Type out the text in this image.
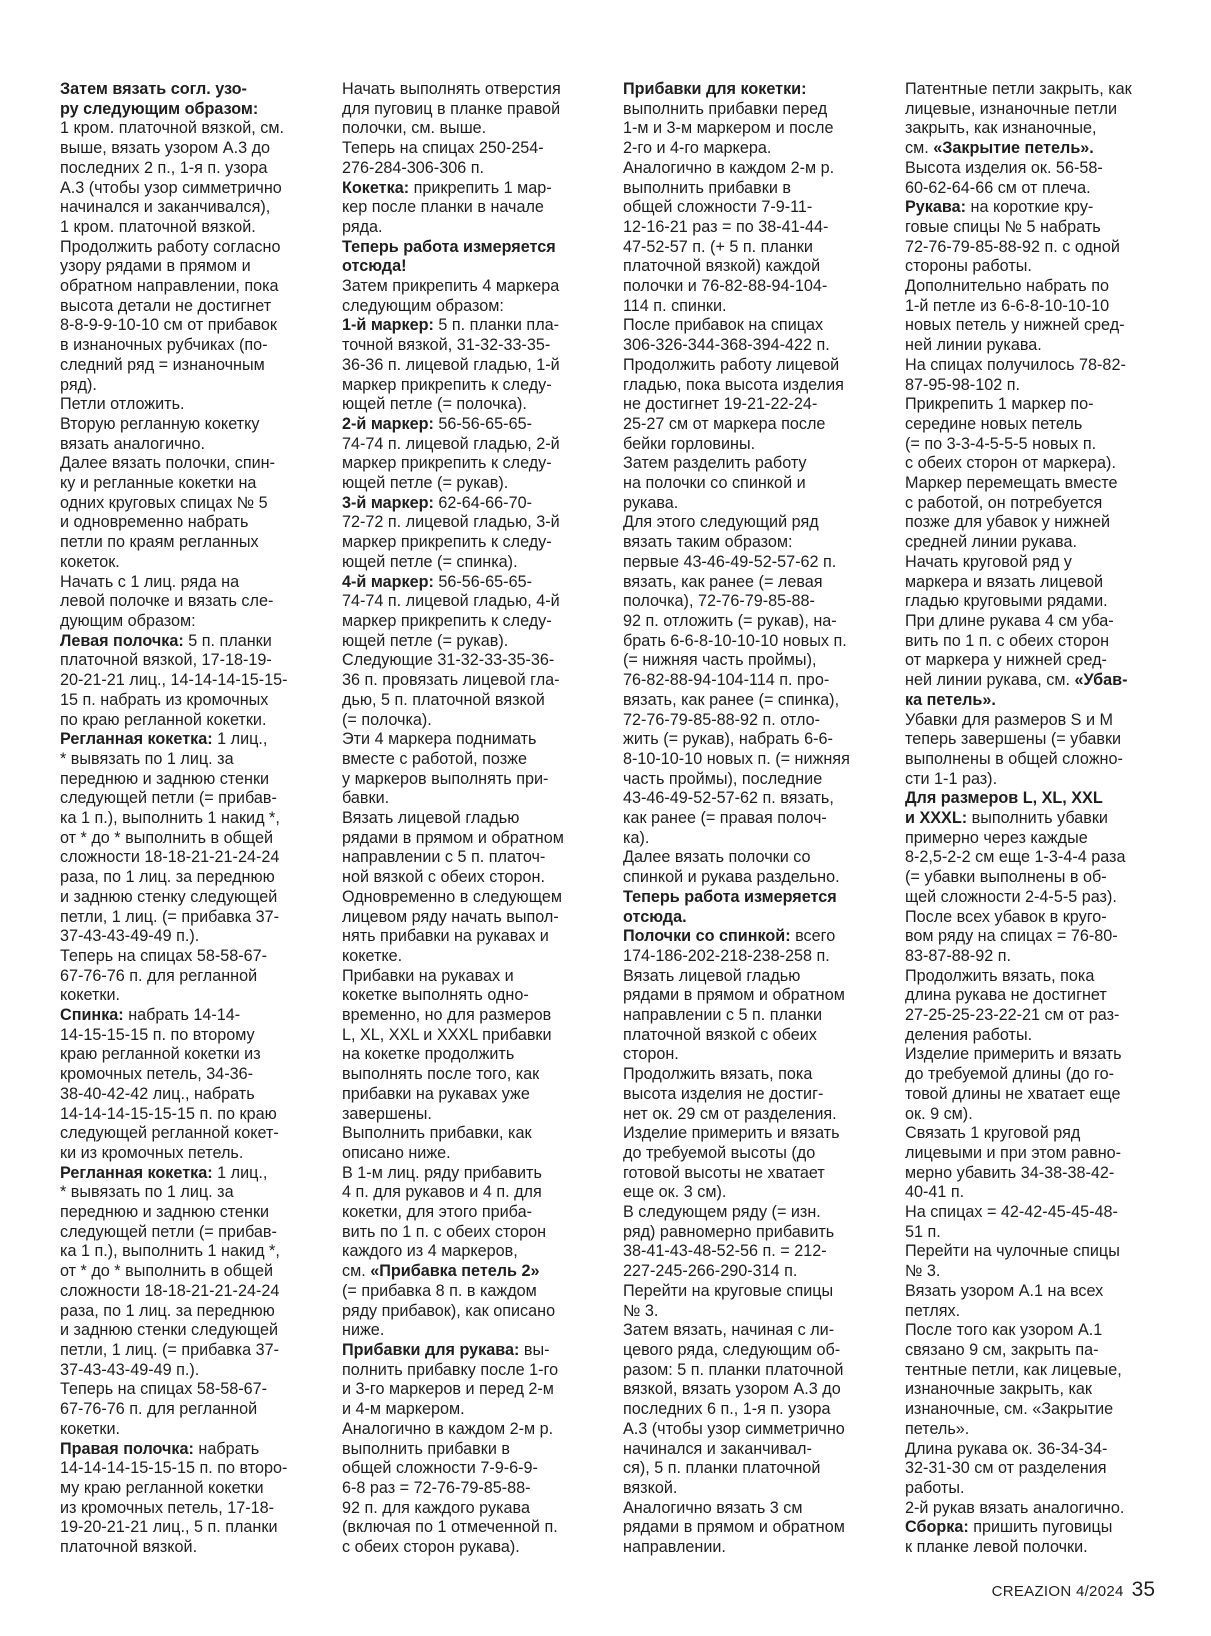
Затем вязать согл. узо-
ру следующим образом:
1 кром. платочной вязкой, см.
выше, вязать узором А.3 до
последних 2 п., 1-я п. узора
А.3 (чтобы узор симметрично
начинался и заканчивался),
1 кром. платочной вязкой.
Продолжить работу согласно
узору рядами в прямом и
обратном направлении, пока
высота детали не достигнет
8-8-9-9-10-10 см от прибавок
в изнаночных рубчиках (по-
следний ряд = изнаночным
ряд).
Петли отложить.
Вторую регланную кокетку
вязать аналогично.
Далее вязать полочки, спин-
ку и регланные кокетки на
одних круговых спицах № 5
и одновременно набрать
петли по краям регланных
кокеток.
Начать с 1 лиц. ряда на
левой полочке и вязать сле-
дующим образом:
Левая полочка: 5 п. планки
платочной вязкой, 17-18-19-
20-21-21 лиц., 14-14-14-15-15-
15 п. набрать из кромочных
по краю регланной кокетки.
Регланная кокетка: 1 лиц.,
* вывязать по 1 лиц. за
переднюю и заднюю стенки
следующей петли (= прибав-
ка 1 п.), выполнить 1 накид *,
от * до * выполнить в общей
сложности 18-18-21-21-24-24
раза, по 1 лиц. за переднюю
и заднюю стенку следующей
петли, 1 лиц. (= прибавка 37-
37-43-43-49-49 п.).
Теперь на спицах 58-58-67-
67-76-76 п. для регланной
кокетки.
Спинка: набрать 14-14-
14-15-15-15 п. по второму
краю регланной кокетки из
кромочных петель, 34-36-
38-40-42-42 лиц., набрать
14-14-14-15-15-15 п. по краю
следующей регланной кокет-
ки из кромочных петель.
Регланная кокетка: 1 лиц.,
* вывязать по 1 лиц. за
переднюю и заднюю стенки
следующей петли (= прибав-
ка 1 п.), выполнить 1 накид *,
от * до * выполнить в общей
сложности 18-18-21-21-24-24
раза, по 1 лиц. за переднюю
и заднюю стенки следующей
петли, 1 лиц. (= прибавка 37-
37-43-43-49-49 п.).
Теперь на спицах 58-58-67-
67-76-76 п. для регланной
кокетки.
Правая полочка: набрать
14-14-14-15-15-15 п. по второ-
му краю регланной кокетки
из кромочных петель, 17-18-
19-20-21-21 лиц., 5 п. планки
платочной вязкой.
Начать выполнять отверстия
для пуговиц в планке правой
полочки, см. выше.
Теперь на спицах 250-254-
276-284-306-306 п.
Кокетка: прикрепить 1 мар-
кер после планки в начале
ряда.
Теперь работа измеряется
отсюда!
Затем прикрепить 4 маркера
следующим образом:
1-й маркер: 5 п. планки пла-
точной вязкой, 31-32-33-35-
36-36 п. лицевой гладью, 1-й
маркер прикрепить к следу-
ющей петле (= полочка).
2-й маркер: 56-56-65-65-
74-74 п. лицевой гладью, 2-й
маркер прикрепить к следу-
ющей петле (= рукав).
3-й маркер: 62-64-66-70-
72-72 п. лицевой гладью, 3-й
маркер прикрепить к следу-
ющей петле (= спинка).
4-й маркер: 56-56-65-65-
74-74 п. лицевой гладью, 4-й
маркер прикрепить к следу-
ющей петле (= рукав).
Следующие 31-32-33-35-36-
36 п. провязать лицевой гла-
дью, 5 п. платочной вязкой
(= полочка).
Эти 4 маркера поднимать
вместе с работой, позже
у маркеров выполнять при-
бавки.
Вязать лицевой гладью
рядами в прямом и обратном
направлении с 5 п. платоч-
ной вязкой с обеих сторон.
Одновременно в следующем
лицевом ряду начать выпол-
нять прибавки на рукавах и
кокетке.
Прибавки на рукавах и
кокетке выполнять одно-
временно, но для размеров
L, XL, XXL и XXXL прибавки
на кокетке продолжить
выполнять после того, как
прибавки на рукавах уже
завершены.
Выполнить прибавки, как
описано ниже.
В 1-м лиц. ряду прибавить
4 п. для рукавов и 4 п. для
кокетки, для этого приба-
вить по 1 п. с обеих сторон
каждого из 4 маркеров,
см. «Прибавка петель 2»
(= прибавка 8 п. в каждом
ряду прибавок), как описано
ниже.
Прибавки для рукава: вы-
полнить прибавку после 1-го
и 3-го маркеров и перед 2-м
и 4-м маркером.
Аналогично в каждом 2-м р.
выполнить прибавки в
общей сложности 7-9-6-9-
6-8 раз = 72-76-79-85-88-
92 п. для каждого рукава
(включая по 1 отмеченной п.
с обеих сторон рукава).
Прибавки для кокетки:
выполнить прибавки перед
1-м и 3-м маркером и после
2-го и 4-го маркера.
Аналогично в каждом 2-м р.
выполнить прибавки в
общей сложности 7-9-11-
12-16-21 раз = по 38-41-44-
47-52-57 п. (+ 5 п. планки
платочной вязкой) каждой
полочки и 76-82-88-94-104-
114 п. спинки.
После прибавок на спицах
306-326-344-368-394-422 п.
Продолжить работу лицевой
гладью, пока высота изделия
не достигнет 19-21-22-24-
25-27 см от маркера после
бейки горловины.
Затем разделить работу
на полочки со спинкой и
рукава.
Для этого следующий ряд
вязать таким образом:
первые 43-46-49-52-57-62 п.
вязать, как ранее (= левая
полочка), 72-76-79-85-88-
92 п. отложить (= рукав), на-
брать 6-6-8-10-10-10 новых п.
(= нижняя часть проймы),
76-82-88-94-104-114 п. про-
вязать, как ранее (= спинка),
72-76-79-85-88-92 п. отло-
жить (= рукав), набрать 6-6-
8-10-10-10 новых п. (= нижняя
часть проймы), последние
43-46-49-52-57-62 п. вязать,
как ранее (= правая полоч-
ка).
Далее вязать полочки со
спинкой и рукава раздельно.
Теперь работа измеряется
отсюда.
Полочки со спинкой: всего
174-186-202-218-238-258 п.
Вязать лицевой гладью
рядами в прямом и обратном
направлении с 5 п. планки
платочной вязкой с обеих
сторон.
Продолжить вязать, пока
высота изделия не достиг-
нет ок. 29 см от разделения.
Изделие примерить и вязать
до требуемой высоты (до
готовой высоты не хватает
еще ок. 3 см).
В следующем ряду (= изн.
ряд) равномерно прибавить
38-41-43-48-52-56 п. = 212-
227-245-266-290-314 п.
Перейти на круговые спицы
№ 3.
Затем вязать, начиная с ли-
цевого ряда, следующим об-
разом: 5 п. планки платочной
вязкой, вязать узором А.3 до
последних 6 п., 1-я п. узора
А.3 (чтобы узор симметрично
начинался и заканчивал-
ся), 5 п. планки платочной
вязкой.
Аналогично вязать 3 см
рядами в прямом и обратном
направлении.
Патентные петли закрыть, как
лицевые, изнаночные петли
закрыть, как изнаночные,
см. «Закрытие петель».
Высота изделия ок. 56-58-
60-62-64-66 см от плеча.
Рукава: на короткие кру-
говые спицы № 5 набрать
72-76-79-85-88-92 п. с одной
стороны работы.
Дополнительно набрать по
1-й петле из 6-6-8-10-10-10
новых петель у нижней сред-
ней линии рукава.
На спицах получилось 78-82-
87-95-98-102 п.
Прикрепить 1 маркер по-
середине новых петель
(= по 3-3-4-5-5-5 новых п.
с обеих сторон от маркера).
Маркер перемещать вместе
с работой, он потребуется
позже для убавок у нижней
средней линии рукава.
Начать круговой ряд у
маркера и вязать лицевой
гладью круговыми рядами.
При длине рукава 4 см уба-
вить по 1 п. с обеих сторон
от маркера у нижней сред-
ней линии рукава, см. «Убав-
ка петель».
Убавки для размеров S и M
теперь завершены (= убавки
выполнены в общей сложно-
сти 1-1 раз).
Для размеров L, XL, XXL
и XXXL: выполнить убавки
примерно через каждые
8-2,5-2-2 см еще 1-3-4-4 раза
(= убавки выполнены в об-
щей сложности 2-4-5-5 раз).
После всех убавок в круго-
вом ряду на спицах = 76-80-
83-87-88-92 п.
Продолжить вязать, пока
длина рукава не достигнет
27-25-25-23-22-21 см от раз-
деления работы.
Изделие примерить и вязать
до требуемой длины (до го-
товой длины не хватает еще
ок. 9 см).
Связать 1 круговой ряд
лицевыми и при этом равно-
мерно убавить 34-38-38-42-
40-41 п.
На спицах = 42-42-45-45-48-
51 п.
Перейти на чулочные спицы
№ 3.
Вязать узором А.1 на всех
петлях.
После того как узором А.1
связано 9 см, закрыть па-
тентные петли, как лицевые,
изнаночные закрыть, как
изнаночные, см. «Закрытие
петель».
Длина рукава ок. 36-34-34-
32-31-30 см от разделения
работы.
2-й рукав вязать аналогично.
Сборка: пришить пуговицы
к планке левой полочки.
CREAZION 4/2024 35
